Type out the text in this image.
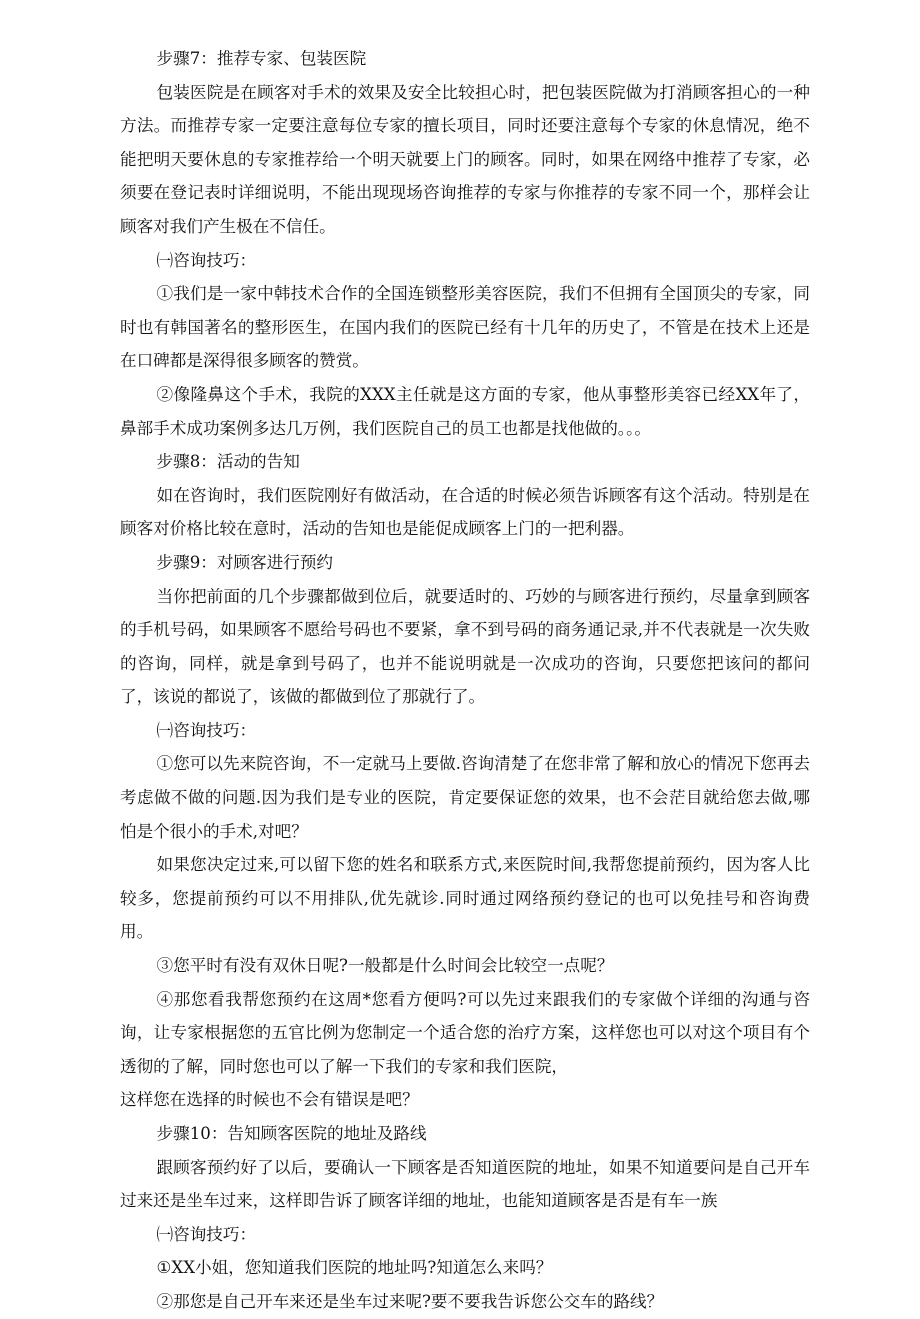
步骤7：推荐专家、包装医院

包装医院是在顾客对手术的效果及安全比较担心时，把包装医院做为打消顾客担心的一种方法。而推荐专家一定要注意每位专家的擅长项目，同时还要注意每个专家的休息情况，绝不能把明天要休息的专家推荐给一个明天就要上门的顾客。同时，如果在网络中推荐了专家，必须要在登记表时详细说明，不能出现现场咨询推荐的专家与你推荐的专家不同一个，那样会让顾客对我们产生极在不信任。

㈠咨询技巧：

①我们是一家中韩技术合作的全国连锁整形美容医院，我们不但拥有全国顶尖的专家，同时也有韩国著名的整形医生，在国内我们的医院已经有十几年的历史了，不管是在技术上还是在口碑都是深得很多顾客的赞赏。

②像隆鼻这个手术，我院的XXX主任就是这方面的专家，他从事整形美容已经XX年了，鼻部手术成功案例多达几万例，我们医院自己的员工也都是找他做的。。。

步骤8：活动的告知

如在咨询时，我们医院刚好有做活动，在合适的时候必须告诉顾客有这个活动。特别是在顾客对价格比较在意时，活动的告知也是能促成顾客上门的一把利器。

步骤9：对顾客进行预约

当你把前面的几个步骤都做到位后，就要适时的、巧妙的与顾客进行预约，尽量拿到顾客的手机号码，如果顾客不愿给号码也不要紧，拿不到号码的商务通记录,并不代表就是一次失败的咨询，同样，就是拿到号码了，也并不能说明就是一次成功的咨询，只要您把该问的都问了，该说的都说了，该做的都做到位了那就行了。

㈠咨询技巧：

①您可以先来院咨询，不一定就马上要做.咨询清楚了在您非常了解和放心的情况下您再去考虑做不做的问题.因为我们是专业的医院，肯定要保证您的效果，也不会茫目就给您去做,哪怕是个很小的手术,对吧？

如果您决定过来,可以留下您的姓名和联系方式,来医院时间,我帮您提前预约，因为客人比较多，您提前预约可以不用排队,优先就诊.同时通过网络预约登记的也可以免挂号和咨询费用。

③您平时有没有双休日呢?一般都是什么时间会比较空一点呢？

④那您看我帮您预约在这周*您看方便吗?可以先过来跟我们的专家做个详细的沟通与咨询，让专家根据您的五官比例为您制定一个适合您的治疗方案，这样您也可以对这个项目有个透彻的了解，同时您也可以了解一下我们的专家和我们医院，

这样您在选择的时候也不会有错误是吧？

步骤10：告知顾客医院的地址及路线

跟顾客预约好了以后，要确认一下顾客是否知道医院的地址，如果不知道要问是自己开车过来还是坐车过来，这样即告诉了顾客详细的地址，也能知道顾客是否是有车一族

㈠咨询技巧：

①XX小姐，您知道我们医院的地址吗?知道怎么来吗？

②那您是自己开车来还是坐车过来呢?要不要我告诉您公交车的路线？
